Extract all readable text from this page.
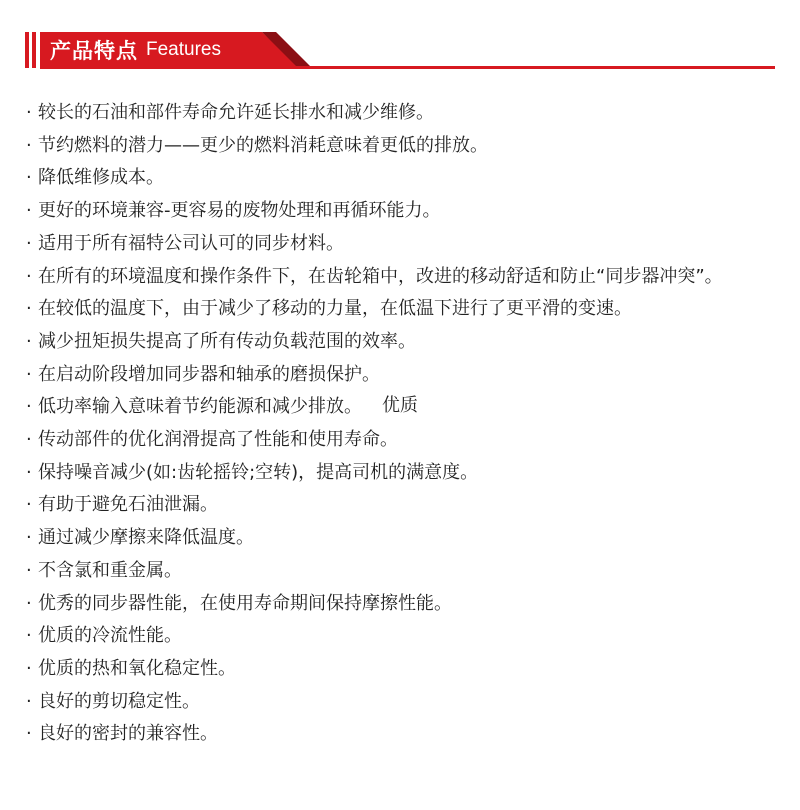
产品特点 Features
· 较长的石油和部件寿命允许延长排水和减少维修。
· 节约燃料的潜力——更少的燃料消耗意味着更低的排放。
· 降低维修成本。
· 更好的环境兼容-更容易的废物处理和再循环能力。
· 适用于所有福特公司认可的同步材料。
· 在所有的环境温度和操作条件下，在齿轮箱中，改进的移动舒适和防止“同步器冲突”。
· 在较低的温度下，由于减少了移动的力量，在低温下进行了更平滑的变速。
· 减少扭矩损失提高了所有传动负载范围的效率。
· 在启动阶段增加同步器和轴承的磨损保护。
· 低功率输入意味着节约能源和减少排放。
· 传动部件的优化润滑提高了性能和使用寿命。
· 保持噪音减少(如:齿轮摇铃;空转)，提高司机的满意度。
· 有助于避免石油泄漏。
· 通过减少摩擦来降低温度。
· 不含氯和重金属。
· 优秀的同步器性能，在使用寿命期间保持摩擦性能。
· 优质的冷流性能。
· 优质的热和氧化稳定性。
· 良好的剪切稳定性。
· 良好的密封的兼容性。
优质
